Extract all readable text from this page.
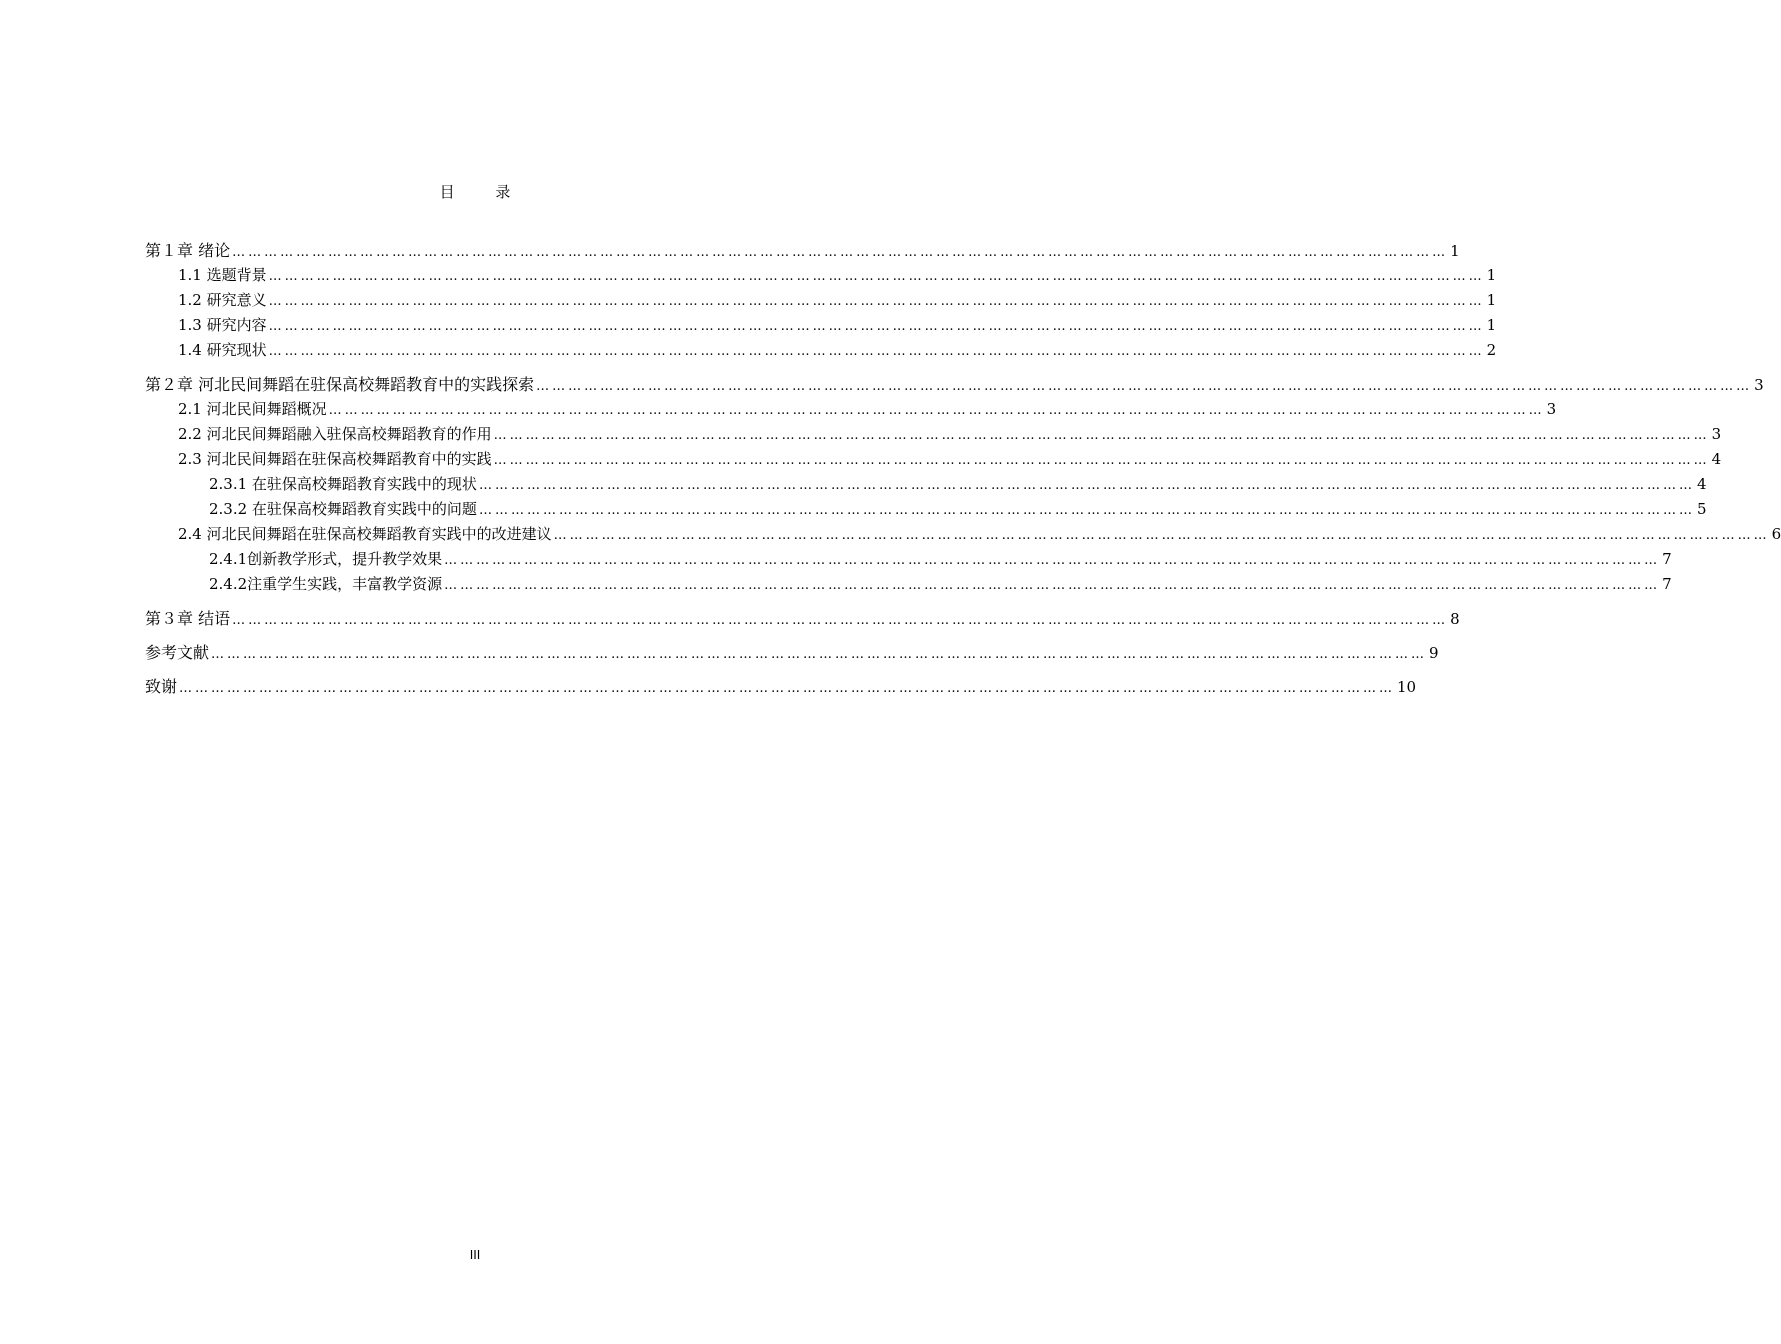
目 录
第１章 绪论 ………………………………………………………………………………………………………………………………………………………………………………………………………… 1
1.1 选题背景 ………………………………………………………………………………………………………………………………………………………………………………………………………… 1
1.2 研究意义 ………………………………………………………………………………………………………………………………………………………………………………………………………… 1
1.3 研究内容 ………………………………………………………………………………………………………………………………………………………………………………………………………… 1
1.4 研究现状 ………………………………………………………………………………………………………………………………………………………………………………………………………… 2
第２章 河北民间舞蹈在驻保高校舞蹈教育中的实践探索 ………………………………………………………………………………………………………………………………………………………………………………………………………… 3
2.1 河北民间舞蹈概况 ………………………………………………………………………………………………………………………………………………………………………………………………………… 3
2.2 河北民间舞蹈融入驻保高校舞蹈教育的作用 ………………………………………………………………………………………………………………………………………………………………………………………………………… 3
2.3 河北民间舞蹈在驻保高校舞蹈教育中的实践 ………………………………………………………………………………………………………………………………………………………………………………………………………… 4
2.3.1 在驻保高校舞蹈教育实践中的现状 ………………………………………………………………………………………………………………………………………………………………………………………………………… 4
2.3.2 在驻保高校舞蹈教育实践中的问题 ………………………………………………………………………………………………………………………………………………………………………………………………………… 5
2.4 河北民间舞蹈在驻保高校舞蹈教育实践中的改进建议 ………………………………………………………………………………………………………………………………………………………………………………………………………… 6
2.4.1创新教学形式，提升教学效果 ………………………………………………………………………………………………………………………………………………………………………………………………………… 7
2.4.2注重学生实践，丰富教学资源 ………………………………………………………………………………………………………………………………………………………………………………………………………… 7
第３章 结语 ………………………………………………………………………………………………………………………………………………………………………………………………………… 8
参考文献 ………………………………………………………………………………………………………………………………………………………………………………………………………… 9
致谢 ………………………………………………………………………………………………………………………………………………………………………………………………………… 10
III
